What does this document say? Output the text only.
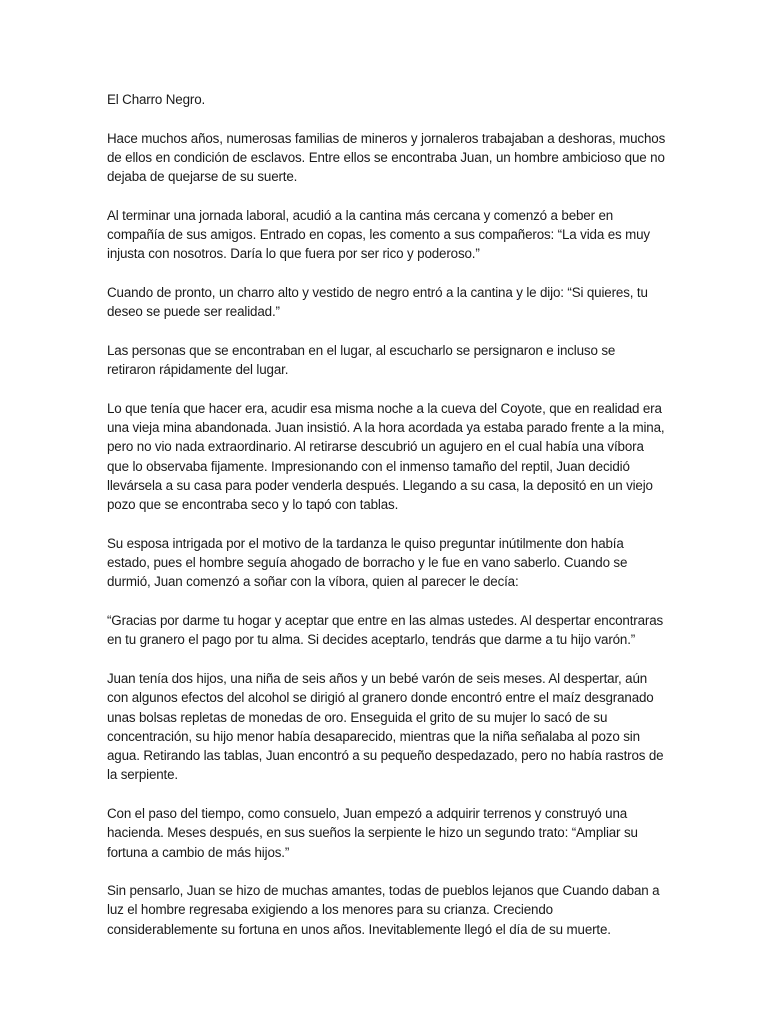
El Charro Negro.

Hace muchos años, numerosas familias de mineros y jornaleros trabajaban a deshoras, muchos de ellos en condición de esclavos. Entre ellos se encontraba Juan, un hombre ambicioso que no dejaba de quejarse de su suerte.

Al terminar una jornada laboral, acudió a la cantina más cercana y comenzó a beber en compañía de sus amigos. Entrado en copas, les comento a sus compañeros: “La vida es muy injusta con nosotros. Daría lo que fuera por ser rico y poderoso.”

Cuando de pronto, un charro alto y vestido de negro entró a la cantina y le dijo: “Si quieres, tu deseo se puede ser realidad.”

Las personas que se encontraban en el lugar, al escucharlo se persignaron e incluso se retiraron rápidamente del lugar.

Lo que tenía que hacer era, acudir esa misma noche a la cueva del Coyote, que en realidad era una vieja mina abandonada. Juan insistió. A la hora acordada ya estaba parado frente a la mina, pero no vio nada extraordinario. Al retirarse descubrió un agujero en el cual había una víbora que lo observaba fijamente. Impresionando con el inmenso tamaño del reptil, Juan decidió llevársela a su casa para poder venderla después. Llegando a su casa, la depositó en un viejo pozo que se encontraba seco y lo tapó con tablas.

Su esposa intrigada por el motivo de la tardanza le quiso preguntar inútilmente don había estado, pues el hombre seguía ahogado de borracho y le fue en vano saberlo. Cuando se durmió, Juan comenzó a soñar con la víbora, quien al parecer le decía:

“Gracias por darme tu hogar y aceptar que entre en las almas ustedes. Al despertar encontraras en tu granero el pago por tu alma. Si decides aceptarlo, tendrás que darme a tu hijo varón.”

Juan tenía dos hijos, una niña de seis años y un bebé varón de seis meses. Al despertar, aún con algunos efectos del alcohol se dirigió al granero donde encontró entre el maíz desgranado unas bolsas repletas de monedas de oro. Enseguida el grito de su mujer lo sacó de su concentración, su hijo menor había desaparecido, mientras que la niña señalaba al pozo sin agua. Retirando las tablas, Juan encontró a su pequeño despedazado, pero no había rastros de la serpiente.

Con el paso del tiempo, como consuelo, Juan empezó a adquirir terrenos y construyó una hacienda. Meses después, en sus sueños la serpiente le hizo un segundo trato: “Ampliar su fortuna a cambio de más hijos.”

Sin pensarlo, Juan se hizo de muchas amantes, todas de pueblos lejanos que Cuando daban a luz el hombre regresaba exigiendo a los menores para su crianza. Creciendo considerablemente su fortuna en unos años. Inevitablemente llegó el día de su muerte.
